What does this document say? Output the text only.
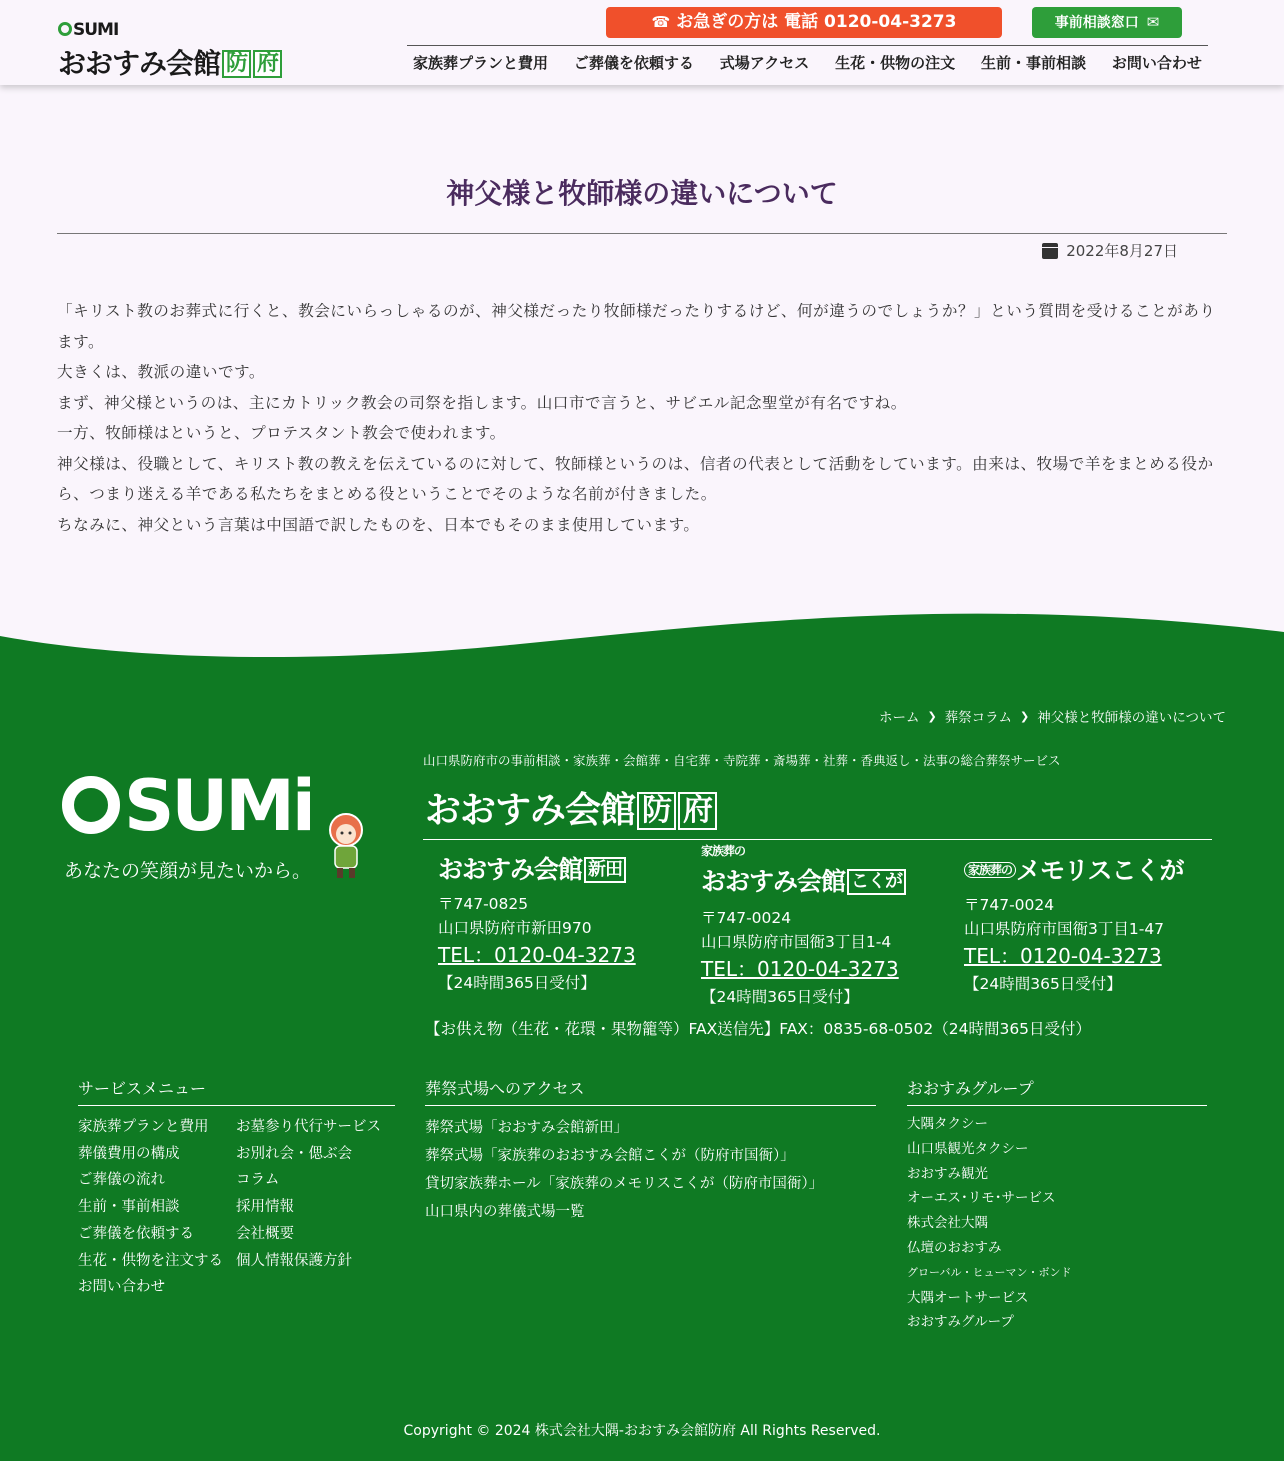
SUMI
おおすみ会館 防 府
☎ お急ぎの方は 電話 0120-04-3273	事前相談窓口 ✉
家族葬プランと費用 ご葬儀を依頼する 式場アクセス 生花・供物の注文 生前・事前相談 お問い合わせ
神父様と牧師様の違いについて
2022年8月27日

「キリスト教のお葬式に行くと、教会にいらっしゃるのが、神父様だったり牧師様だったりするけど、何が違うのでしょうか？」という質問を受けることがあります。

大きくは、教派の違いです。

まず、神父様というのは、主にカトリック教会の司祭を指します。山口市で言うと、サビエル記念聖堂が有名ですね。

一方、牧師様はというと、プロテスタント教会で使われます。

神父様は、役職として、キリスト教の教えを伝えているのに対して、牧師様というのは、信者の代表として活動をしています。由来は、牧場で羊をまとめる役から、つまり迷える羊である私たちをまとめる役ということでそのような名前が付きました。

ちなみに、神父という言葉は中国語で訳したものを、日本でもそのまま使用しています。

ホーム ❯ 葬祭コラム ❯ 神父様と牧師様の違いについて
SUMi
あなたの笑顔が見たいから。
山口県防府市の事前相談・家族葬・会館葬・自宅葬・寺院葬・斎場葬・社葬・香典返し・法事の総合葬祭サービス
おおすみ会館 防 府
おおすみ会館 新田
〒747-0825
山口県防府市新田970
TEL：0120-04-3273
【24時間365日受付】
家族葬の
おおすみ会館 こくが
〒747-0024
山口県防府市国衙3丁目1-4
TEL：0120-04-3273
【24時間365日受付】
$^{家族葬の}$ メモリスこくが
〒747-0024
山口県防府市国衙3丁目1-47
TEL：0120-04-3273
【24時間365日受付】
【お供え物（生花・花環・果物籠等）FAX送信先】FAX：0835-68-0502（24時間365日受付）
サービスメニュー
家族葬プランと費用
葬儀費用の構成
ご葬儀の流れ
生前・事前相談
ご葬儀を依頼する
生花・供物を注文する
お問い合わせ
お墓参り代行サービス
お別れ会・偲ぶ会
コラム
採用情報
会社概要
個人情報保護方針
葬祭式場へのアクセス
葬祭式場「おおすみ会館新田」
葬祭式場「家族葬のおおすみ会館こくが（防府市国衙）」
貸切家族葬ホール「家族葬のメモリスこくが（防府市国衙）」
山口県内の葬儀式場一覧
おおすみグループ
大隅タクシー
山口県観光タクシー
おおすみ観光
オーエス･リモ･サービス
株式会社大隅
仏壇のおおすみ
グローバル・ヒューマン・ボンド
大隅オートサービス
おおすみグループ
Copyright © 2024 株式会社大隅-おおすみ会館防府 All Rights Reserved.
